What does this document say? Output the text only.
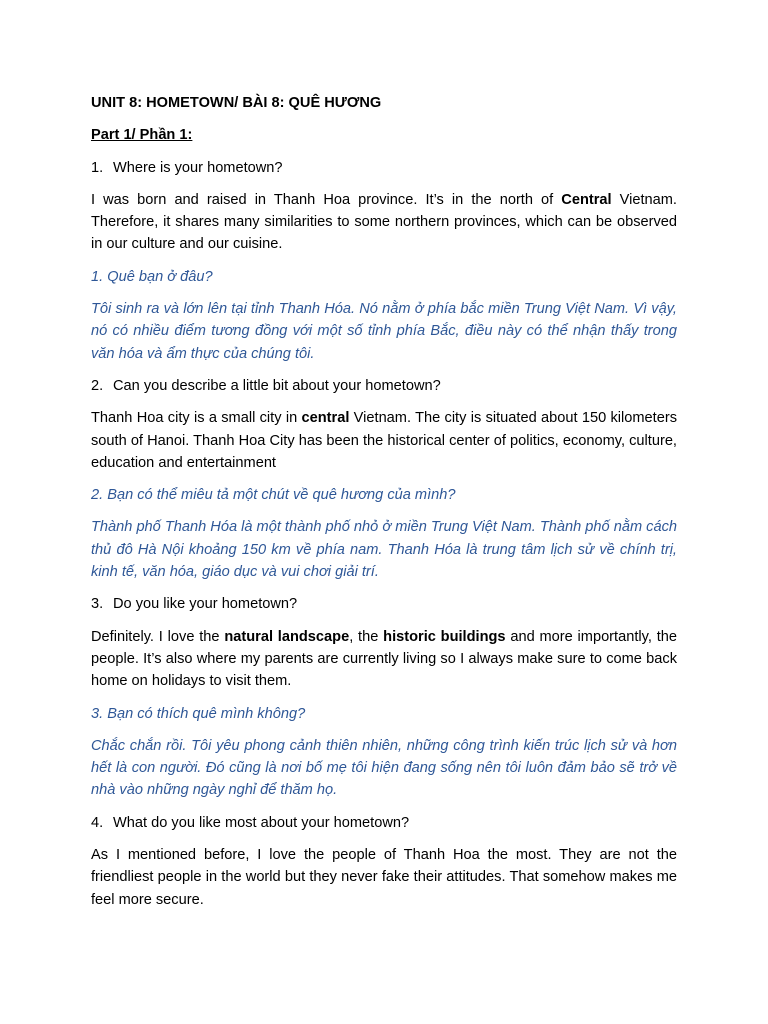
UNIT 8: HOMETOWN/ BÀI 8: QUÊ HƯƠNG

Part 1/ Phần 1:

1. Where is your hometown?

I was born and raised in Thanh Hoa province. It’s in the north of Central Vietnam. Therefore, it shares many similarities to some northern provinces, which can be observed in our culture and our cuisine.

1. Quê bạn ở đâu?

Tôi sinh ra và lớn lên tại tỉnh Thanh Hóa. Nó nằm ở phía bắc miền Trung Việt Nam. Vì vậy, nó có nhiều điểm tương đồng với một số tỉnh phía Bắc, điều này có thể nhận thấy trong văn hóa và ẩm thực của chúng tôi.

2. Can you describe a little bit about your hometown?

Thanh Hoa city is a small city in central Vietnam. The city is situated about 150 kilometers south of Hanoi. Thanh Hoa City has been the historical center of politics, economy, culture, education and entertainment

2. Bạn có thể miêu tả một chút về quê hương của mình?

Thành phố Thanh Hóa là một thành phố nhỏ ở miền Trung Việt Nam. Thành phố nằm cách thủ đô Hà Nội khoảng 150 km về phía nam. Thanh Hóa là trung tâm lịch sử về chính trị, kinh tế, văn hóa, giáo dục và vui chơi giải trí.

3. Do you like your hometown?

Definitely. I love the natural landscape, the historic buildings and more importantly, the people. It’s also where my parents are currently living so I always make sure to come back home on holidays to visit them.

3. Bạn có thích quê mình không?

Chắc chắn rồi. Tôi yêu phong cảnh thiên nhiên, những công trình kiến trúc lịch sử và hơn hết là con người. Đó cũng là nơi bố mẹ tôi hiện đang sống nên tôi luôn đảm bảo sẽ trở về nhà vào những ngày nghỉ để thăm họ.

4. What do you like most about your hometown?

As I mentioned before, I love the people of Thanh Hoa the most. They are not the friendliest people in the world but they never fake their attitudes. That somehow makes me feel more secure.
